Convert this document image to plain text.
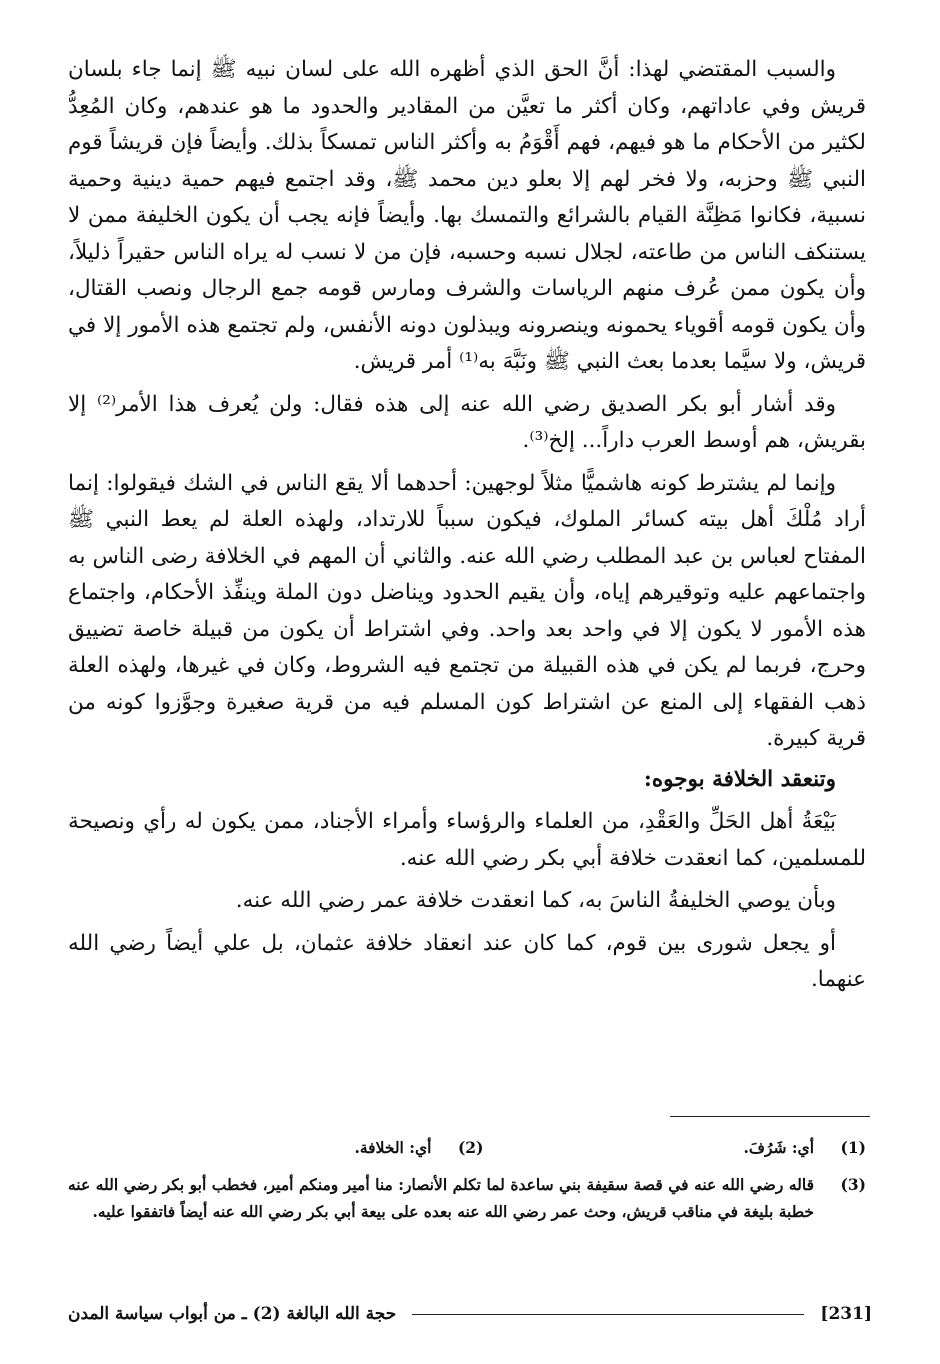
والسبب المقتضي لهذا: أنَّ الحق الذي أظهره الله على لسان نبيه ﷺ إنما جاء بلسان قريش وفي عاداتهم، وكان أكثر ما تعيَّن من المقادير والحدود ما هو عندهم، وكان المُعِدُّ لكثير من الأحكام ما هو فيهم، فهم أَقْوَمُ به وأكثر الناس تمسكاً بذلك. وأيضاً فإن قريشاً قوم النبي ﷺ وحزبه، ولا فخر لهم إلا بعلو دين محمد ﷺ، وقد اجتمع فيهم حمية دينية وحمية نسبية، فكانوا مَظِنَّة القيام بالشرائع والتمسك بها. وأيضاً فإنه يجب أن يكون الخليفة ممن لا يستنكف الناس من طاعته، لجلال نسبه وحسبه، فإن من لا نسب له يراه الناس حقيراً ذليلاً، وأن يكون ممن عُرف منهم الرياسات والشرف ومارس قومه جمع الرجال ونصب القتال، وأن يكون قومه أقوياء يحمونه وينصرونه ويبذلون دونه الأنفس، ولم تجتمع هذه الأمور إلا في قريش، ولا سيَّما بعدما بعث النبي ﷺ ونَبَّهَ به⁽¹⁾ أمر قريش.

وقد أشار أبو بكر الصديق رضي الله عنه إلى هذه فقال: ولن يُعرف هذا الأمر⁽²⁾ إلا بقريش، هم أوسط العرب داراً... إلخ⁽³⁾.

وإنما لم يشترط كونه هاشميًّا مثلاً لوجهين: أحدهما ألا يقع الناس في الشك فيقولوا: إنما أراد مُلْكَ أهل بيته كسائر الملوك، فيكون سبباً للارتداد، ولهذه العلة لم يعط النبي ﷺ المفتاح لعباس بن عبد المطلب رضي الله عنه. والثاني أن المهم في الخلافة رضى الناس به واجتماعهم عليه وتوقيرهم إياه، وأن يقيم الحدود ويناضل دون الملة وينفِّذ الأحكام، واجتماع هذه الأمور لا يكون إلا في واحد بعد واحد. وفي اشتراط أن يكون من قبيلة خاصة تضييق وحرج، فربما لم يكن في هذه القبيلة من تجتمع فيه الشروط، وكان في غيرها، ولهذه العلة ذهب الفقهاء إلى المنع عن اشتراط كون المسلم فيه من قرية صغيرة وجوَّزوا كونه من قرية كبيرة.

وتنعقد الخلافة بوجوه:

بَيْعَةُ أهل الحَلِّ والعَقْدِ، من العلماء والرؤساء وأمراء الأجناد، ممن يكون له رأي ونصيحة للمسلمين، كما انعقدت خلافة أبي بكر رضي الله عنه.

وبأن يوصي الخليفةُ الناسَ به، كما انعقدت خلافة عمر رضي الله عنه.

أو يجعل شورى بين قوم، كما كان عند انعقاد خلافة عثمان، بل علي أيضاً رضي الله عنهما.

(1)
أي: شَرُفَ.
(2)
أي: الخلافة.
(3)
قاله رضي الله عنه في قصة سقيفة بني ساعدة لما تكلم الأنصار: منا أمير ومنكم أمير، فخطب أبو بكر رضي الله عنه خطبة بليغة في مناقب قريش، وحث عمر رضي الله عنه بعده على بيعة أبي بكر رضي الله عنه أيضاً فاتفقوا عليه.
[231]
حجة الله البالغة (2) ـ من أبواب سياسة المدن
